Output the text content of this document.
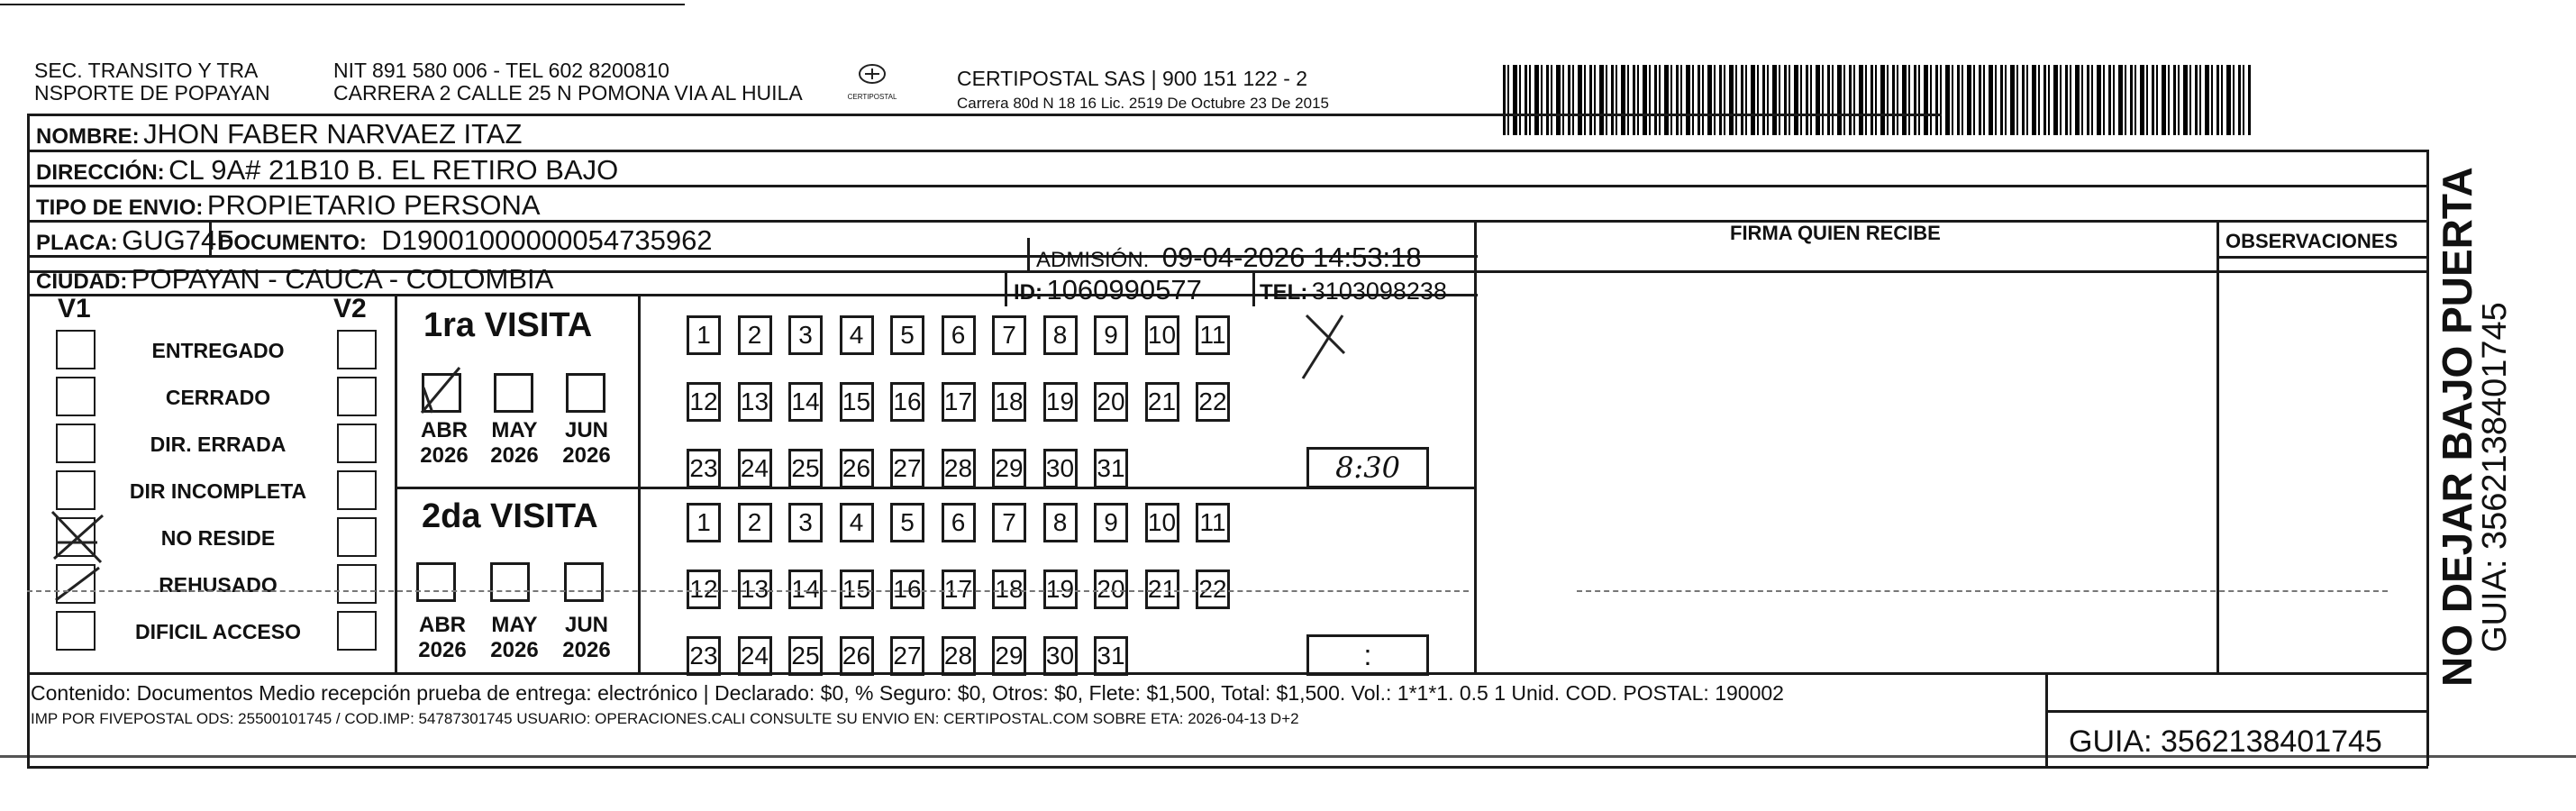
SEC. TRANSITO Y TRA
NSPORTE DE POPAYAN
NIT 891 580 006 - TEL 602 8200810
CARRERA 2 CALLE 25 N POMONA VIA AL HUILA	CERTIPOSTAL
CERTIPOSTAL SAS | 900 151 122 - 2
Carrera 80d N 18 16 Lic. 2519 De Octubre 23 De 2015
NOMBRE: JHON FABER NARVAEZ ITAZ
DIRECCIÓN: CL 9A# 21B10 B. EL RETIRO BAJO
TIPO DE ENVIO: PROPIETARIO PERSONA
PLACA: GUG74F
DOCUMENTO: D19001000000054735962
ADMISIÓN: 09-04-2026 14:53:18
CIUDAD: POPAYAN - CAUCA - COLOMBIA	ID: 1060990577	TEL: 3103098238
FIRMA QUIEN RECIBE	OBSERVACIONES
V1	V2
ENTREGADO
CERRADO
DIR. ERRADA
DIR INCOMPLETA
NO RESIDE
REHUSADO
DIFICIL ACCESO
1ra VISITA
ABR
2026
MAY
2026
JUN
2026
1	2	3	4	5	6	7	8	9	10 11
12 13 14 15 16 17 18 19 20 21 22
23 24 25 26 27 28 29 30 31	8:30
2da VISITA
ABR
2026
MAY
2026
JUN
2026
1	2	3	4	5	6	7	8	9	10 11
12 13 14 15 16 17 18 19 20 21 22
23 24 25 26 27 28 29 30 31	:
Contenido: Documentos Medio recepción prueba de entrega: electrónico | Declarado: $0, % Seguro: $0, Otros: $0, Flete: $1,500, Total: $1,500. Vol.: 1*1*1. 0.5 1 Unid. COD. POSTAL: 190002
IMP POR FIVEPOSTAL ODS: 25500101745 / COD.IMP: 54787301745 USUARIO: OPERACIONES.CALI CONSULTE SU ENVIO EN: CERTIPOSTAL.COM SOBRE ETA: 2026-04-13 D+2
GUIA: 3562138401745
NO DEJAR BAJO PUERTA
GUIA: 3562138401745
